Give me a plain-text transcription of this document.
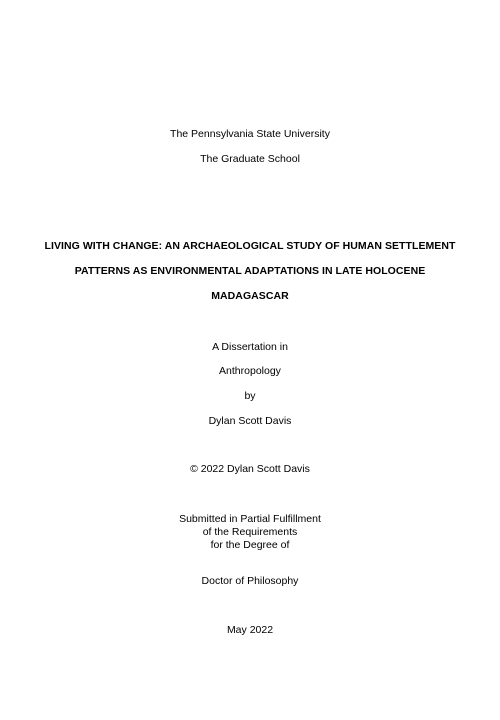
The Pennsylvania State University
The Graduate School
LIVING WITH CHANGE: AN ARCHAEOLOGICAL STUDY OF HUMAN SETTLEMENT
PATTERNS AS ENVIRONMENTAL ADAPTATIONS IN LATE HOLOCENE
MADAGASCAR
A Dissertation in
Anthropology
by
Dylan Scott Davis
© 2022 Dylan Scott Davis
Submitted in Partial Fulfillment
of the Requirements
for the Degree of
Doctor of Philosophy
May 2022
